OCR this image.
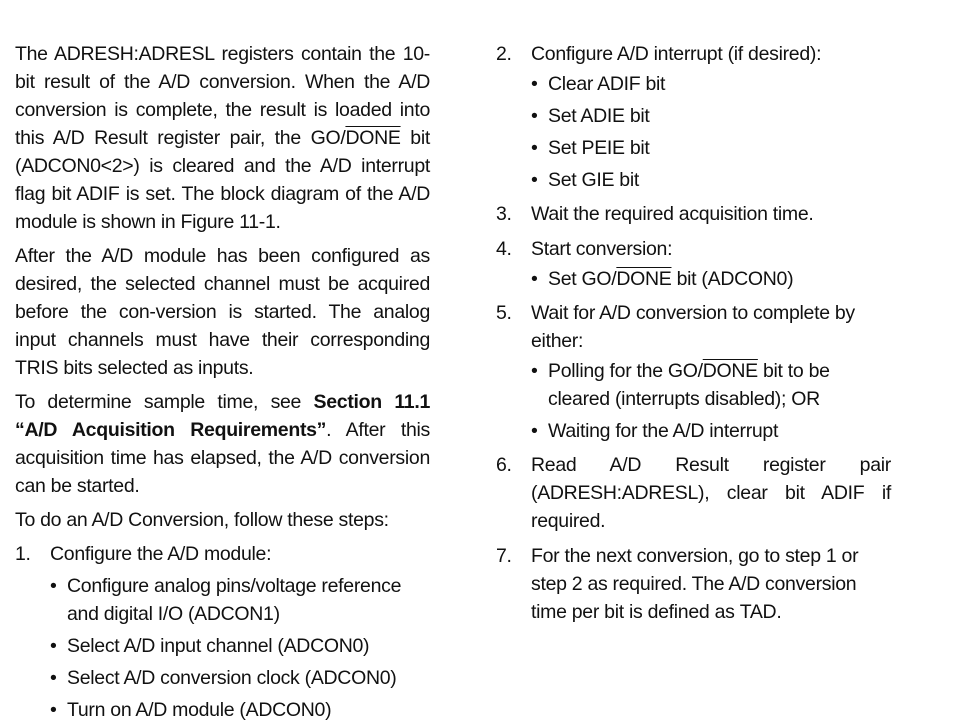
The ADRESH:ADRESL registers contain the 10-bit result of the A/D conversion. When the A/D conversion is complete, the result is loaded into this A/D Result register pair, the GO/DONE bit (ADCON0<2>) is cleared and the A/D interrupt flag bit ADIF is set. The block diagram of the A/D module is shown in Figure 11-1.

After the A/D module has been configured as desired, the selected channel must be acquired before the con-version is started. The analog input channels must have their corresponding TRIS bits selected as inputs.

To determine sample time, see Section 11.1 “A/D Acquisition Requirements”. After this acquisition time has elapsed, the A/D conversion can be started.

To do an A/D Conversion, follow these steps:

1. Configure the A/D module:
• Configure analog pins/voltage reference and digital I/O (ADCON1)
• Select A/D input channel (ADCON0)
• Select A/D conversion clock (ADCON0)
• Turn on A/D module (ADCON0)
2. Configure A/D interrupt (if desired):
• Clear ADIF bit
• Set ADIE bit
• Set PEIE bit
• Set GIE bit
3. Wait the required acquisition time.
4. Start conversion:
• Set GO/DONE bit (ADCON0)
5. Wait for A/D conversion to complete by either:
• Polling for the GO/DONE bit to be cleared (interrupts disabled); OR
• Waiting for the A/D interrupt
6. Read A/D Result register pair (ADRESH:ADRESL), clear bit ADIF if required.
7. For the next conversion, go to step 1 or step 2 as required. The A/D conversion time per bit is defined as TAD.
